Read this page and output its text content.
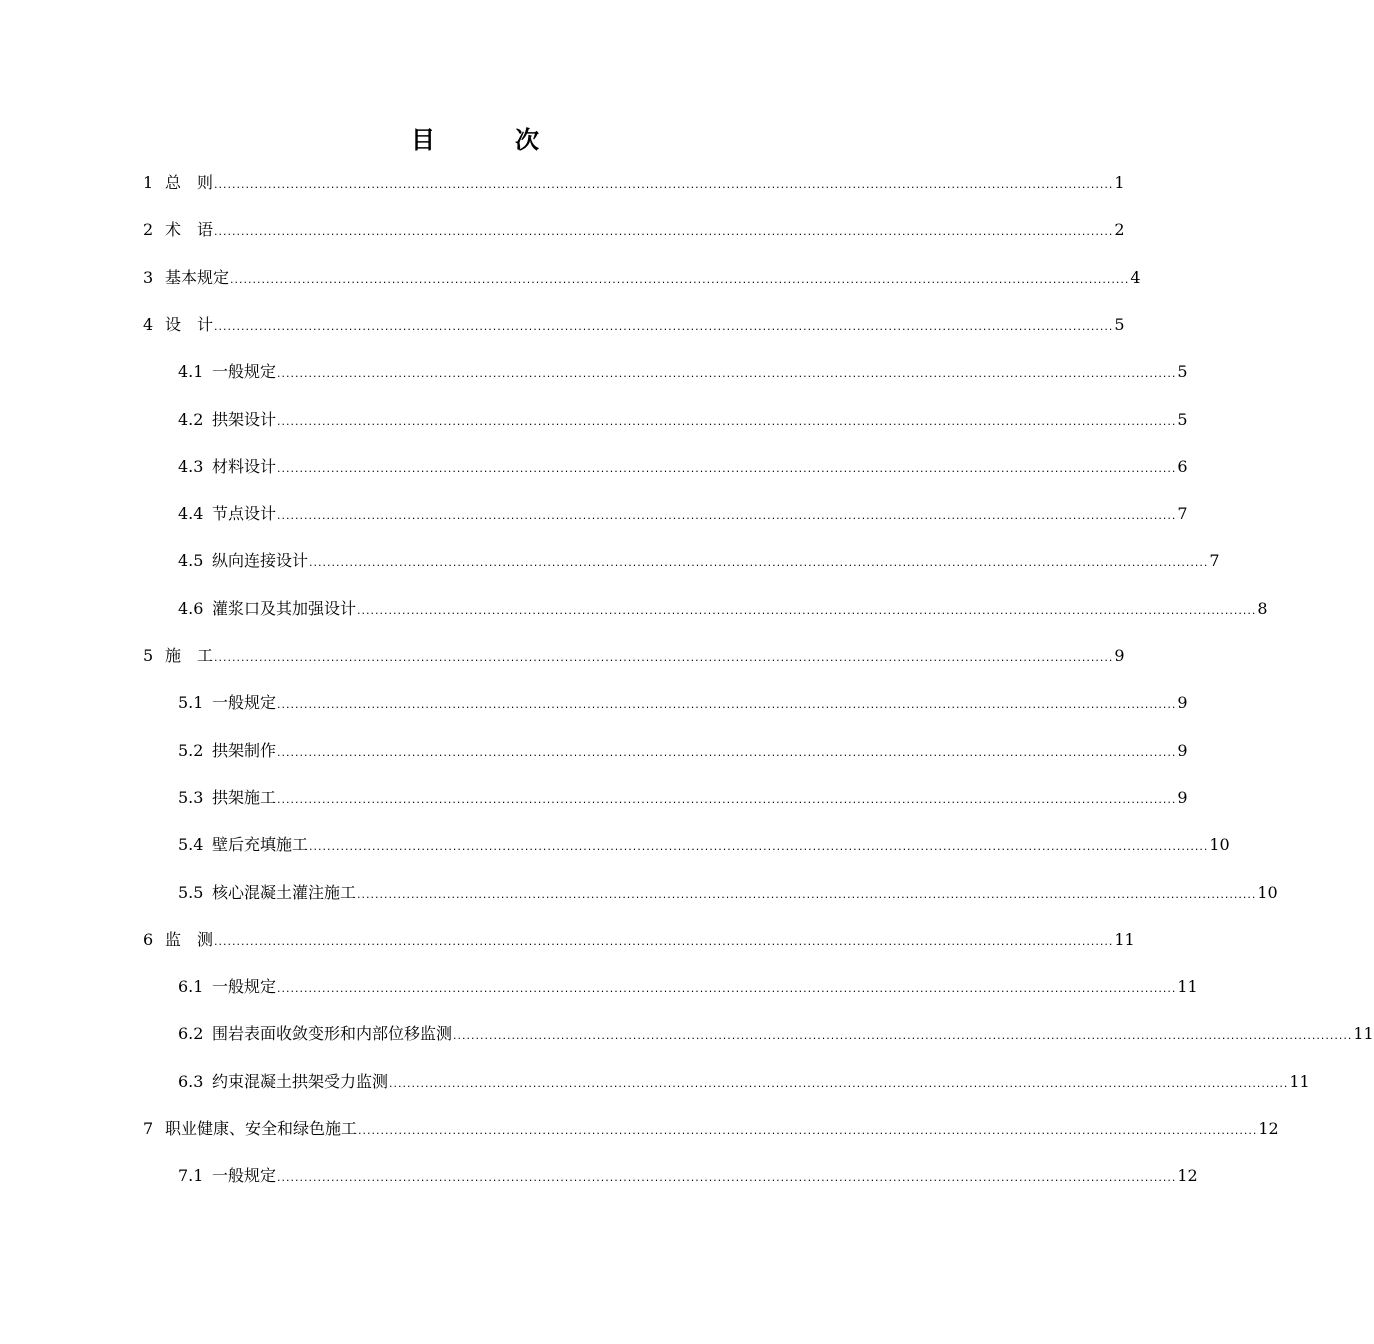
目　次
1 总　则 ........................................................................................................................................................................................................ 1
2 术　语 ........................................................................................................................................................................................................ 2
3 基本规定 ........................................................................................................................................................................................................ 4
4 设　计 ........................................................................................................................................................................................................ 5
4.1 一般规定 ........................................................................................................................................................................................................ 5
4.2 拱架设计 ........................................................................................................................................................................................................ 5
4.3 材料设计 ........................................................................................................................................................................................................ 6
4.4 节点设计 ........................................................................................................................................................................................................ 7
4.5 纵向连接设计 ........................................................................................................................................................................................................ 7
4.6 灌浆口及其加强设计 ........................................................................................................................................................................................................ 8
5 施　工 ........................................................................................................................................................................................................ 9
5.1 一般规定 ........................................................................................................................................................................................................ 9
5.2 拱架制作 ........................................................................................................................................................................................................ 9
5.3 拱架施工 ........................................................................................................................................................................................................ 9
5.4 壁后充填施工 ........................................................................................................................................................................................................ 10
5.5 核心混凝土灌注施工 ........................................................................................................................................................................................................ 10
6 监　测 ........................................................................................................................................................................................................ 11
6.1 一般规定 ........................................................................................................................................................................................................ 11
6.2 围岩表面收敛变形和内部位移监测 ........................................................................................................................................................................................................ 11
6.3 约束混凝土拱架受力监测 ........................................................................................................................................................................................................ 11
7 职业健康、安全和绿色施工 ........................................................................................................................................................................................................ 12
7.1 一般规定 ........................................................................................................................................................................................................ 12
